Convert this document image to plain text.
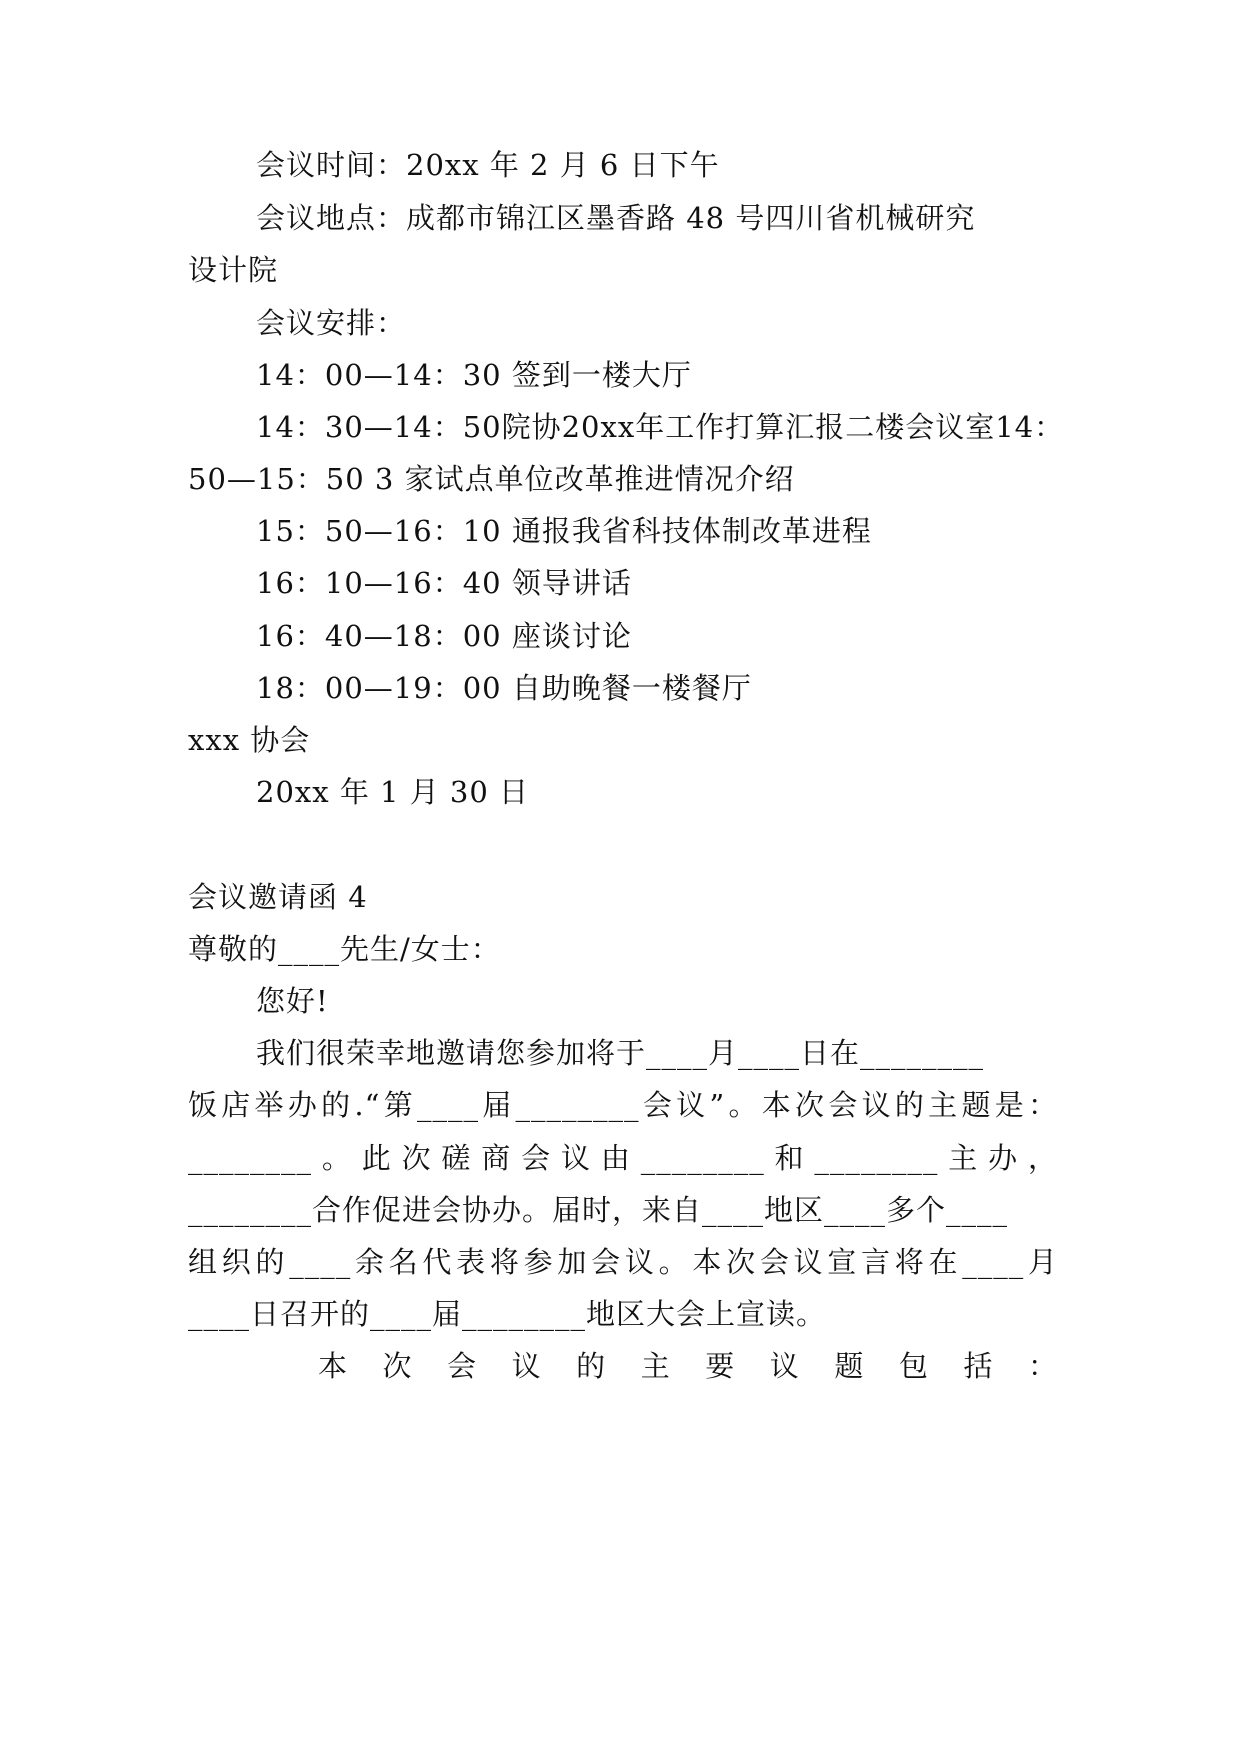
会议时间：20xx 年 2 月 6 日下午
会议地点：成都市锦江区墨香路 48 号四川省机械研究
设计院
会议安排：
14：00—14：30 签到一楼大厅
14：30—14：50院协20xx年工作打算汇报二楼会议室14：
50—15：50 3 家试点单位改革推进情况介绍
15：50—16：10 通报我省科技体制改革进程
16：10—16：40 领导讲话
16：40—18：00 座谈讨论
18：00—19：00 自助晚餐一楼餐厅
xxx 协会
20xx 年 1 月 30 日
会议邀请函 4
尊敬的____先生/女士：
您好!
我们很荣幸地邀请您参加将于____月____日在________
饭店举办的.“第____届________会议”。本次会议的主题是：
________。此次磋商会议由________和________主办，
________合作促进会协办。届时，来自____地区____多个____
组织的____余名代表将参加会议。本次会议宣言将在____月
____日召开的____届________地区大会上宣读。
本次会议的主要议题包括：
